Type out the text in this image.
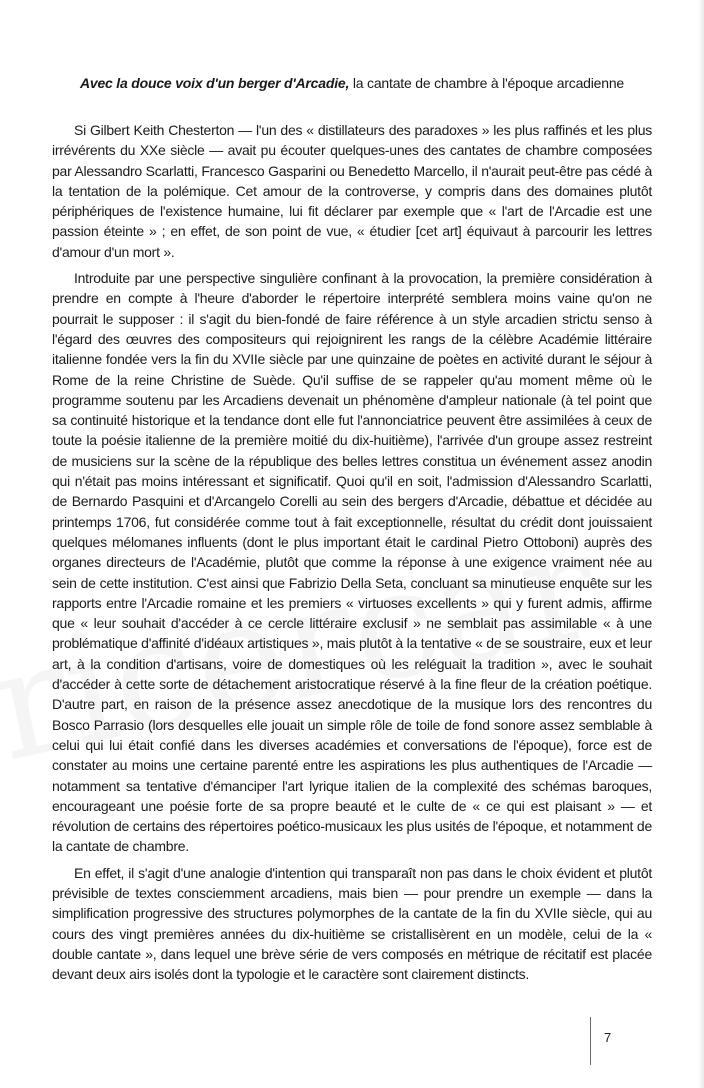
Avec la douce voix d'un berger d'Arcadie, la cantate de chambre à l'époque arcadienne

Si Gilbert Keith Chesterton — l'un des « distillateurs des paradoxes » les plus raffinés et les plus irrévérents du XXe siècle — avait pu écouter quelques-unes des cantates de chambre composées par Alessandro Scarlatti, Francesco Gasparini ou Benedetto Marcello, il n'aurait peut-être pas cédé à la tentation de la polémique. Cet amour de la controverse, y compris dans des domaines plutôt périphériques de l'existence humaine, lui fit déclarer par exemple que « l'art de l'Arcadie est une passion éteinte » ; en effet, de son point de vue, « étudier [cet art] équivaut à parcourir les lettres d'amour d'un mort ».

Introduite par une perspective singulière confinant à la provocation, la première considération à prendre en compte à l'heure d'aborder le répertoire interprété semblera moins vaine qu'on ne pourrait le supposer : il s'agit du bien-fondé de faire référence à un style arcadien strictu senso à l'égard des œuvres des compositeurs qui rejoignirent les rangs de la célèbre Académie littéraire italienne fondée vers la fin du XVIIe siècle par une quinzaine de poètes en activité durant le séjour à Rome de la reine Christine de Suède. Qu'il suffise de se rappeler qu'au moment même où le programme soutenu par les Arcadiens devenait un phénomène d'ampleur nationale (à tel point que sa continuité historique et la tendance dont elle fut l'annonciatrice peuvent être assimilées à ceux de toute la poésie italienne de la première moitié du dix-huitième), l'arrivée d'un groupe assez restreint de musiciens sur la scène de la république des belles lettres constitua un événement assez anodin qui n'était pas moins intéressant et significatif. Quoi qu'il en soit, l'admission d'Alessandro Scarlatti, de Bernardo Pasquini et d'Arcangelo Corelli au sein des bergers d'Arcadie, débattue et décidée au printemps 1706, fut considérée comme tout à fait exceptionnelle, résultat du crédit dont jouissaient quelques mélomanes influents (dont le plus important était le cardinal Pietro Ottoboni) auprès des organes directeurs de l'Académie, plutôt que comme la réponse à une exigence vraiment née au sein de cette institution. C'est ainsi que Fabrizio Della Seta, concluant sa minutieuse enquête sur les rapports entre l'Arcadie romaine et les premiers « virtuoses excellents » qui y furent admis, affirme que « leur souhait d'accéder à ce cercle littéraire exclusif » ne semblait pas assimilable « à une problématique d'affinité d'idéaux artistiques », mais plutôt à la tentative « de se soustraire, eux et leur art, à la condition d'artisans, voire de domestiques où les reléguait la tradition », avec le souhait d'accéder à cette sorte de détachement aristocratique réservé à la fine fleur de la création poétique. D'autre part, en raison de la présence assez anecdotique de la musique lors des rencontres du Bosco Parrasio (lors desquelles elle jouait un simple rôle de toile de fond sonore assez semblable à celui qui lui était confié dans les diverses académies et conversations de l'époque), force est de constater au moins une certaine parenté entre les aspirations les plus authentiques de l'Arcadie — notamment sa tentative d'émanciper l'art lyrique italien de la complexité des schémas baroques, encourageant une poésie forte de sa propre beauté et le culte de « ce qui est plaisant » — et révolution de certains des répertoires poético-musicaux les plus usités de l'époque, et notamment de la cantate de chambre.

En effet, il s'agit d'une analogie d'intention qui transparaît non pas dans le choix évident et plutôt prévisible de textes consciemment arcadiens, mais bien — pour prendre un exemple — dans la simplification progressive des structures polymorphes de la cantate de la fin du XVIIe siècle, qui au cours des vingt premières années du dix-huitième se cristallisèrent en un modèle, celui de la « double cantate », dans lequel une brève série de vers composés en métrique de récitatif est placée devant deux airs isolés dont la typologie et le caractère sont clairement distincts.

7
